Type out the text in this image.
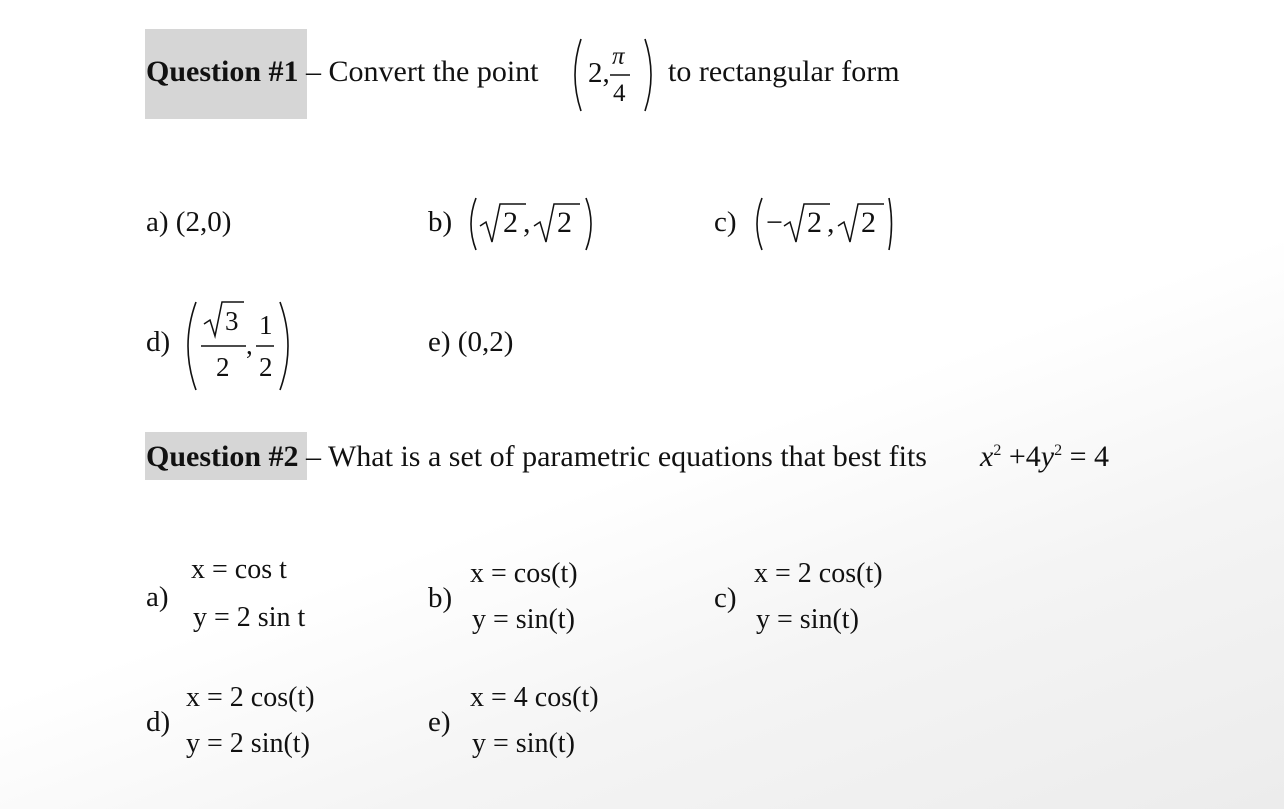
Question #1 – Convert the point 2,
π
4
to rectangular form
a) (2,0)	b) 2 , 2	c) − 2 , 2
d)
3
2
,
1
2
e) (0,2)
Question #2 – What is a set of parametric equations that best fits $x^2 +4y^2 = 4$
a)
x = cos t
y = 2 sin t
b)
x = cos(t)
y = sin(t)
c)
x = 2 cos(t)
y = sin(t)
d)
x = 2 cos(t)
y = 2 sin(t)
e)
x = 4 cos(t)
y = sin(t)
